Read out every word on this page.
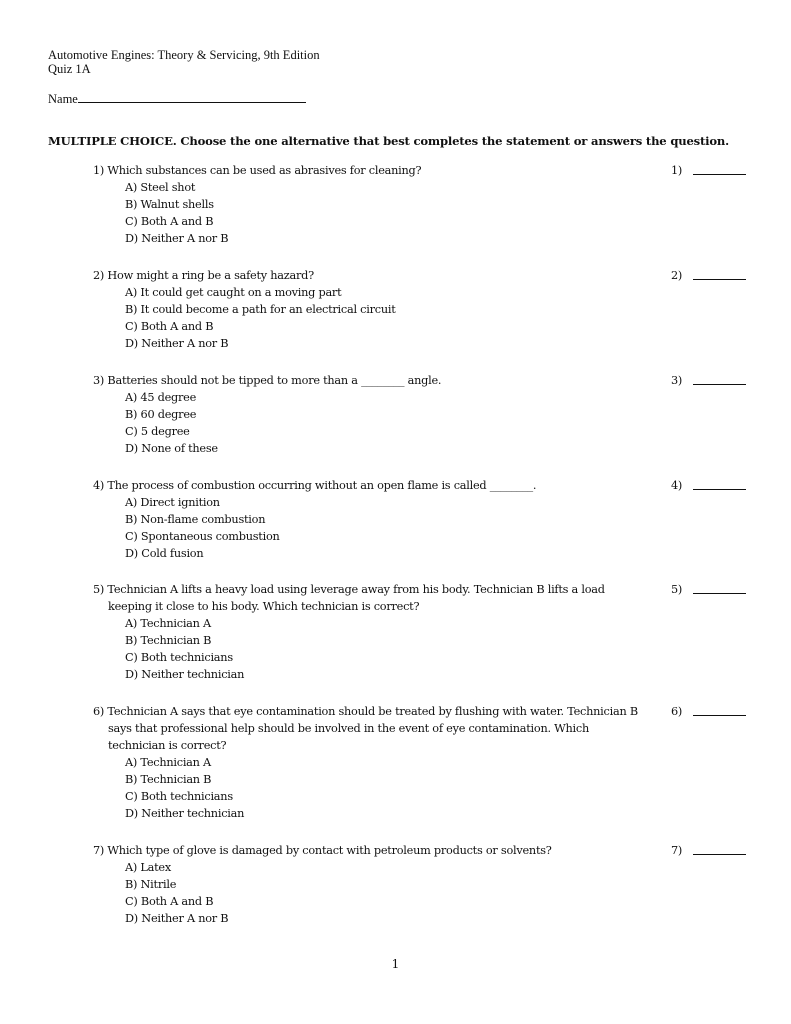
Automotive Engines: Theory & Servicing, 9th Edition
Quiz 1A
Name
MULTIPLE CHOICE. Choose the one alternative that best completes the statement or answers the question.
1) Which substances can be used as abrasives for cleaning?
A) Steel shot
B) Walnut shells
C) Both A and B
D) Neither A nor B
1)
2) How might a ring be a safety hazard?
A) It could get caught on a moving part
B) It could become a path for an electrical circuit
C) Both A and B
D) Neither A nor B
2)
3) Batteries should not be tipped to more than a ________ angle.
A) 45 degree
B) 60 degree
C) 5 degree
D) None of these
3)
4) The process of combustion occurring without an open flame is called ________.
A) Direct ignition
B) Non-flame combustion
C) Spontaneous combustion
D) Cold fusion
4)
5) Technician A lifts a heavy load using leverage away from his body. Technician B lifts a load
keeping it close to his body. Which technician is correct?
A) Technician A
B) Technician B
C) Both technicians
D) Neither technician
5)
6) Technician A says that eye contamination should be treated by flushing with water. Technician B
says that professional help should be involved in the event of eye contamination. Which
technician is correct?
A) Technician A
B) Technician B
C) Both technicians
D) Neither technician
6)
7) Which type of glove is damaged by contact with petroleum products or solvents?
A) Latex
B) Nitrile
C) Both A and B
D) Neither A nor B
7)
1
